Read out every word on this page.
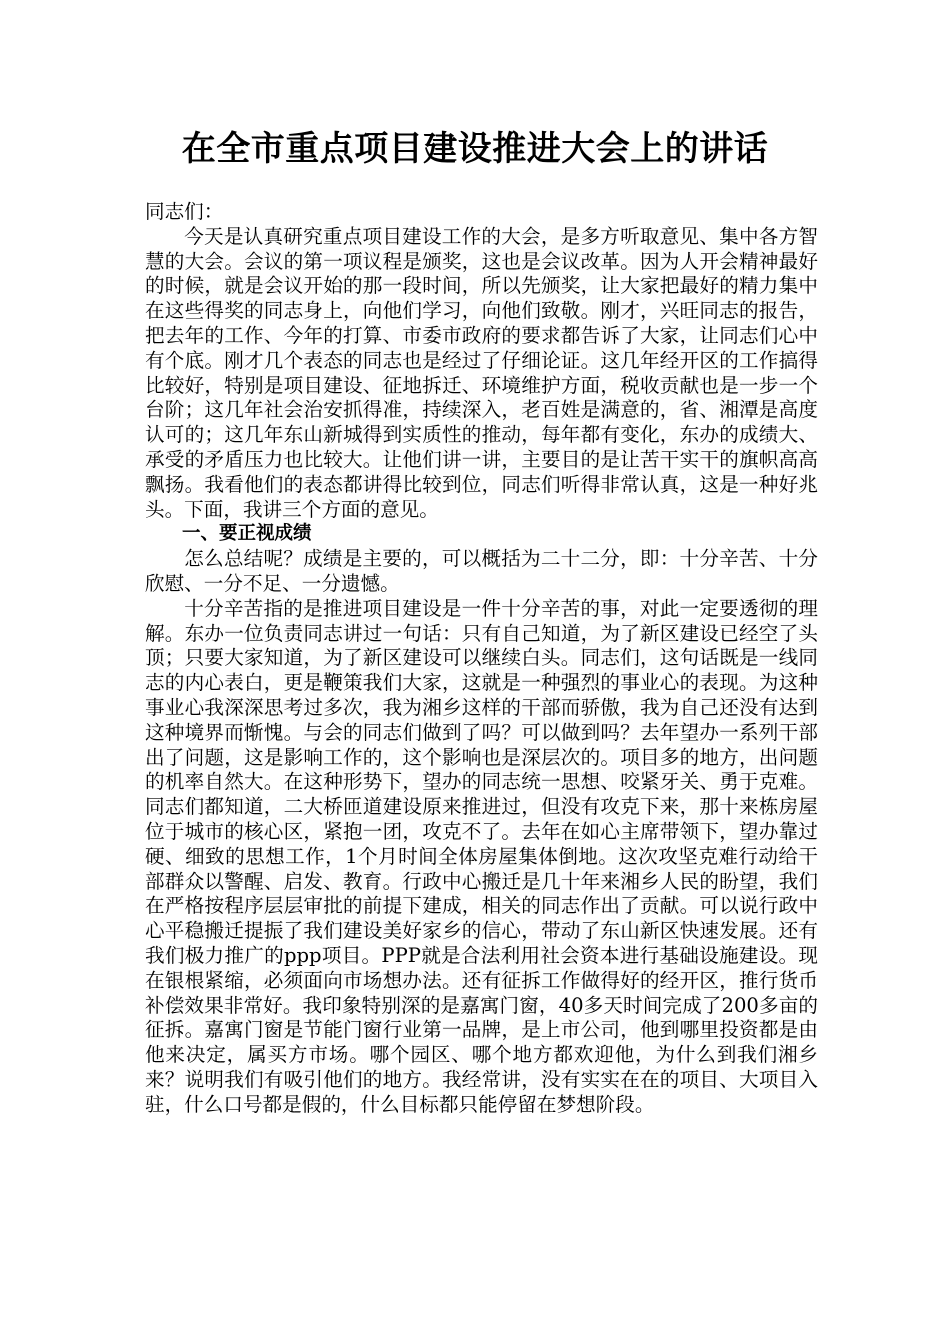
在全市重点项目建设推进大会上的讲话

同志们：

今天是认真研究重点项目建设工作的大会，是多方听取意见、集中各方智慧的大会。会议的第一项议程是颁奖，这也是会议改革。因为人开会精神最好的时候，就是会议开始的那一段时间，所以先颁奖，让大家把最好的精力集中在这些得奖的同志身上，向他们学习，向他们致敬。刚才，兴旺同志的报告，把去年的工作、今年的打算、市委市政府的要求都告诉了大家，让同志们心中有个底。刚才几个表态的同志也是经过了仔细论证。这几年经开区的工作搞得比较好，特别是项目建设、征地拆迁、环境维护方面，税收贡献也是一步一个台阶；这几年社会治安抓得准，持续深入，老百姓是满意的，省、湘潭是高度认可的；这几年东山新城得到实质性的推动，每年都有变化，东办的成绩大、承受的矛盾压力也比较大。让他们讲一讲，主要目的是让苦干实干的旗帜高高飘扬。我看他们的表态都讲得比较到位，同志们听得非常认真，这是一种好兆头。下面，我讲三个方面的意见。

一、要正视成绩

怎么总结呢？成绩是主要的，可以概括为二十二分，即：十分辛苦、十分欣慰、一分不足、一分遗憾。

十分辛苦指的是推进项目建设是一件十分辛苦的事，对此一定要透彻的理解。东办一位负责同志讲过一句话：只有自己知道，为了新区建设已经空了头顶；只要大家知道，为了新区建设可以继续白头。同志们，这句话既是一线同志的内心表白，更是鞭策我们大家，这就是一种强烈的事业心的表现。为这种事业心我深深思考过多次，我为湘乡这样的干部而骄傲，我为自己还没有达到这种境界而惭愧。与会的同志们做到了吗？可以做到吗？去年望办一系列干部出了问题，这是影响工作的，这个影响也是深层次的。项目多的地方，出问题的机率自然大。在这种形势下，望办的同志统一思想、咬紧牙关、勇于克难。同志们都知道，二大桥匝道建设原来推进过，但没有攻克下来，那十来栋房屋位于城市的核心区，紧抱一团，攻克不了。去年在如心主席带领下，望办靠过硬、细致的思想工作，1个月时间全体房屋集体倒地。这次攻坚克难行动给干部群众以警醒、启发、教育。行政中心搬迁是几十年来湘乡人民的盼望，我们在严格按程序层层审批的前提下建成，相关的同志作出了贡献。可以说行政中心平稳搬迁提振了我们建设美好家乡的信心，带动了东山新区快速发展。还有我们极力推广的ppp项目。PPP就是合法利用社会资本进行基础设施建设。现在银根紧缩，必须面向市场想办法。还有征拆工作做得好的经开区，推行货币补偿效果非常好。我印象特别深的是嘉寓门窗，40多天时间完成了200多亩的征拆。嘉寓门窗是节能门窗行业第一品牌，是上市公司，他到哪里投资都是由他来决定，属买方市场。哪个园区、哪个地方都欢迎他，为什么到我们湘乡来？说明我们有吸引他们的地方。我经常讲，没有实实在在的项目、大项目入驻，什么口号都是假的，什么目标都只能停留在梦想阶段。
